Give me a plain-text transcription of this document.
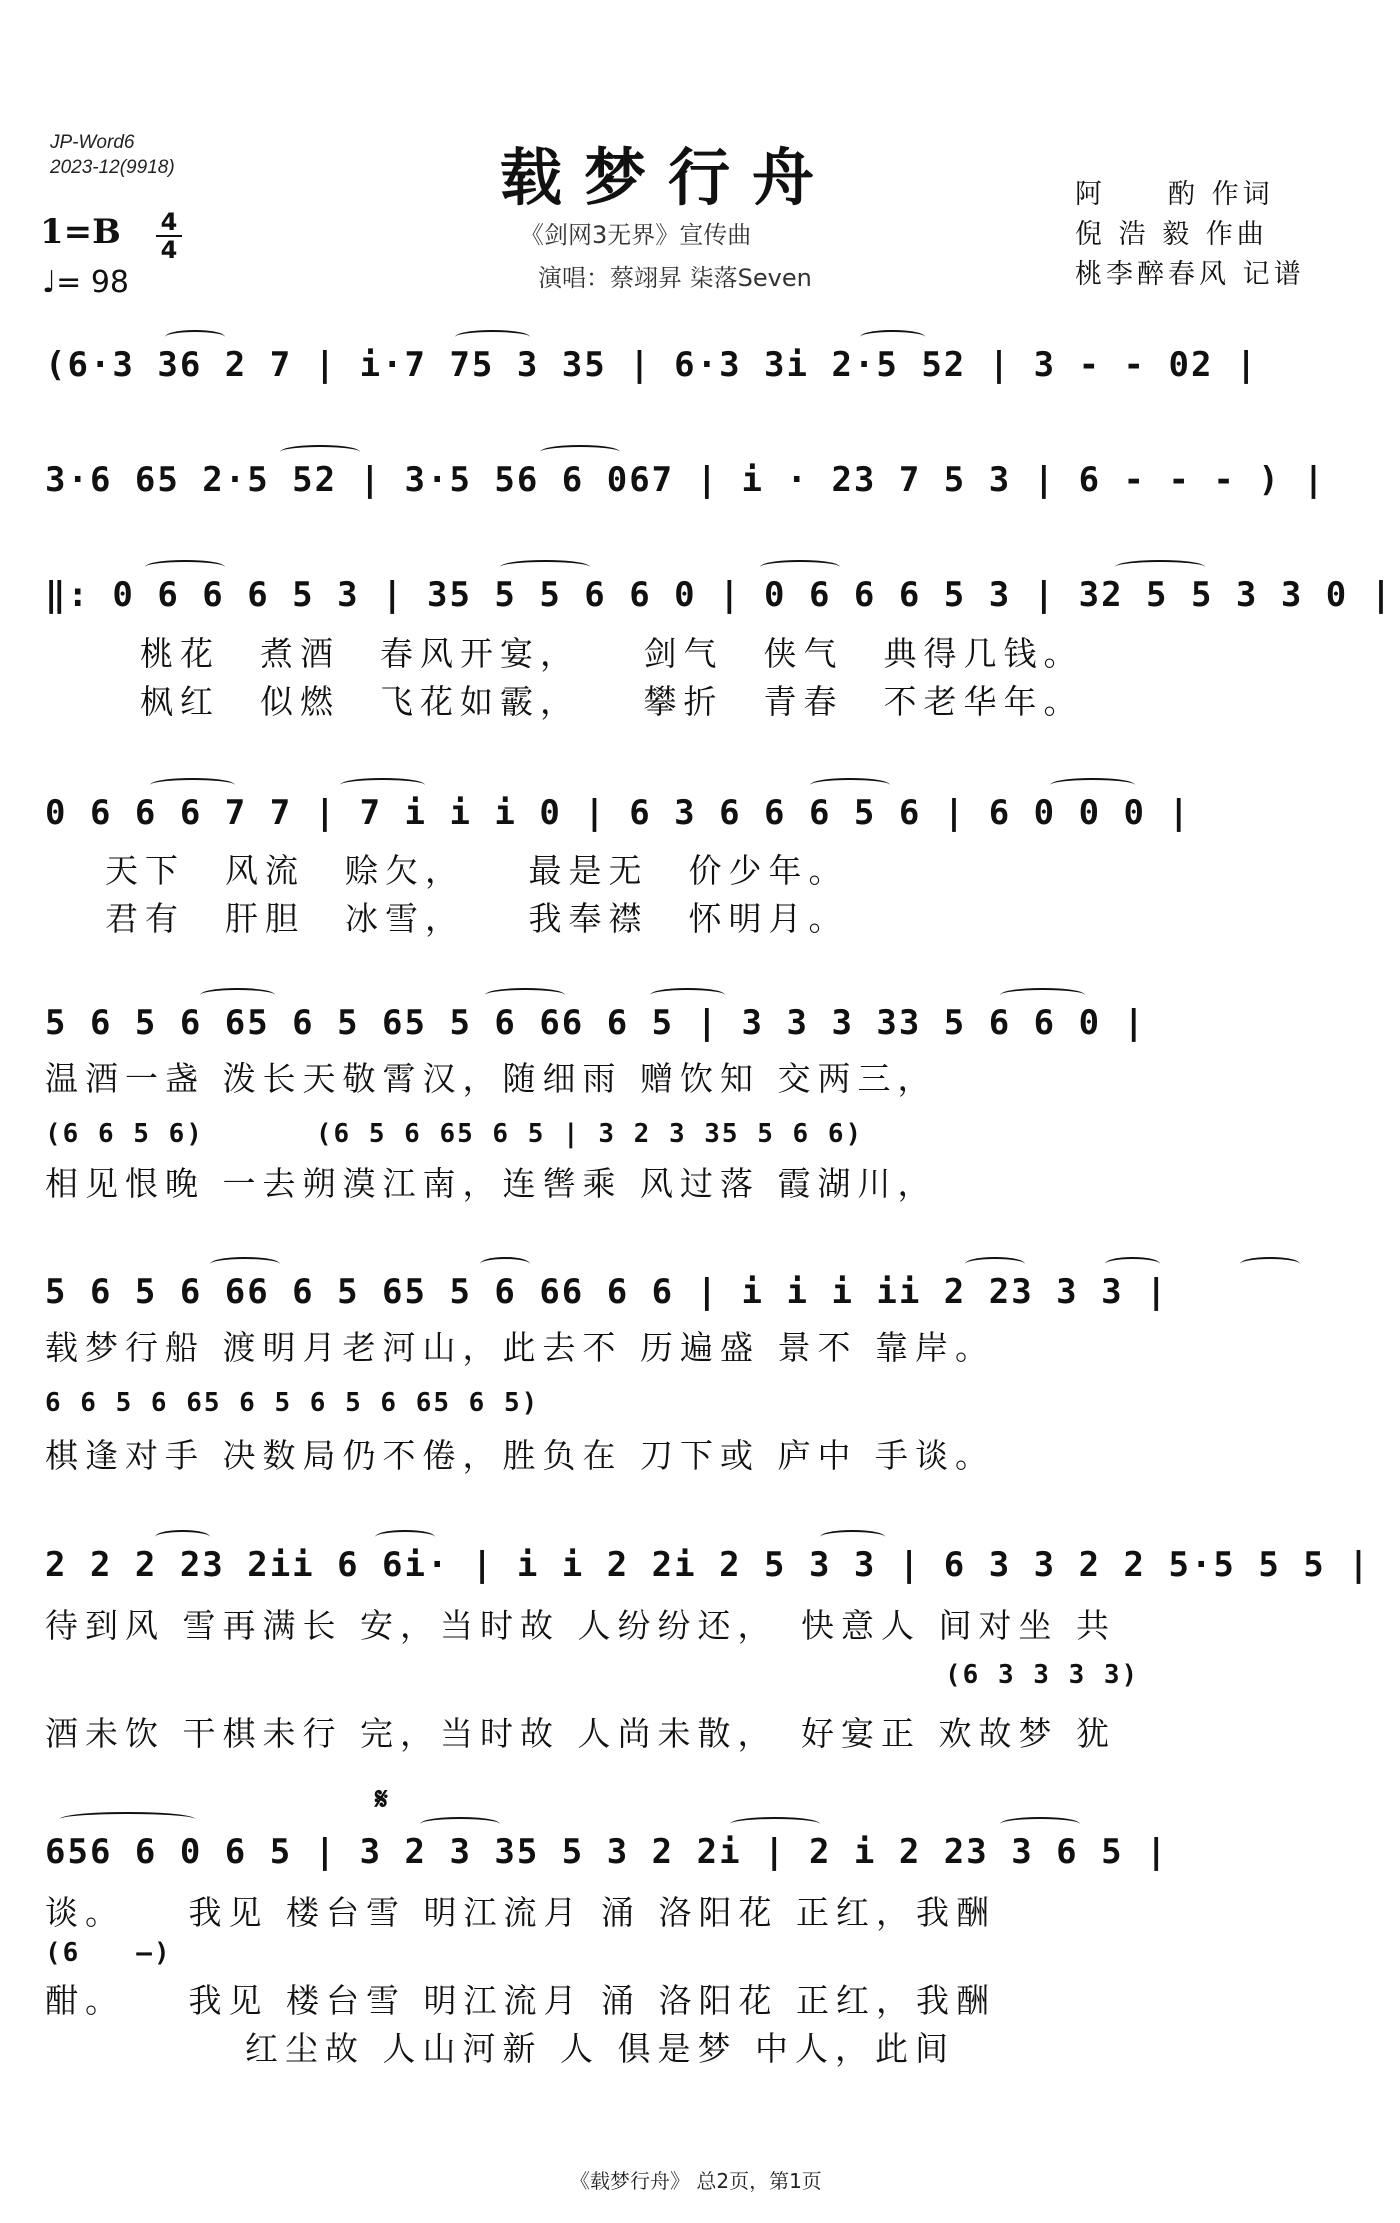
JP-Word6
2023-12(9918)	载梦行舟
《剑网3无界》宣传曲
演唱：蔡翊昇 柒落Seven
阿　　酌 作词
倪 浩 毅 作曲
桃李醉春风 记谱
1=B 4
4
♩= 98
(6·3 36 2 7 | i·7 75 3 35 | 6·3 3i 2·5 52 | 3 - - 02 |
3·6 65 2·5 52 | 3·5 56 6 067 | i · 23 7 5 3 | 6 - - - ) |
‖: 0 6 6 6 5 3 | 35 5 5 6 6 0 | 0 6 6 6 5 3 | 32 5 5 3 3 0 |
桃花　煮酒　春风开宴，　　剑气　侠气　典得几钱。
枫红　似燃　飞花如霰，　　攀折　青春　不老华年。
0 6 6 6 7 7 | 7 i i i 0 | 6 3 6 6 6 5 6 | 6 0 0 0 |
天下　风流　赊欠，　　最是无　价少年。
君有　肝胆　冰雪，　　我奉襟　怀明月。
5 6 5 6 65 6 5 65 5 6 66 6 5 | 3 3 3 33 5 6 6 0 |
温酒一盏 泼长天敬霄汉，随细雨 赠饮知 交两三，
(6 6 5 6)　　　　(6 5 6 65 6 5 | 3 2 3 35 5 6 6)
相见恨晚 一去朔漠江南，连辔乘 风过落 霞湖川，
5 6 5 6 66 6 5 65 5 6 66 6 6 | i i i ii 2 23 3 3 |
载梦行船 渡明月老河山，此去不 历遍盛 景不 靠岸。
6 6 5 6 65 6 5 6 5 6 65 6 5)
棋逢对手 决数局仍不倦，胜负在 刀下或 庐中 手谈。
2 2 2 23 2ii 6 6i· | i i 2 2i 2 5 3 3 | 6 3 3 2 2 5·5 5 5 |
待到风 雪再满长 安，当时故 人纷纷还，　快意人 间对坐 共
(6 3 3 3 3)
酒未饮 干棋未行 完，当时故 人尚未散，　好宴正 欢故梦 犹
𝄋
656 6 0 6 5 | 3 2 3 35 5 3 2 2i | 2 i 2 23 3 6 5 |
谈。　　我见 楼台雪 明江流月 涌 洛阳花 正红，我酬
(6　　–)
酣。　　我见 楼台雪 明江流月 涌 洛阳花 正红，我酬
　　　　　红尘故 人山河新 人 俱是梦 中人，此间
《载梦行舟》 总2页，第1页
